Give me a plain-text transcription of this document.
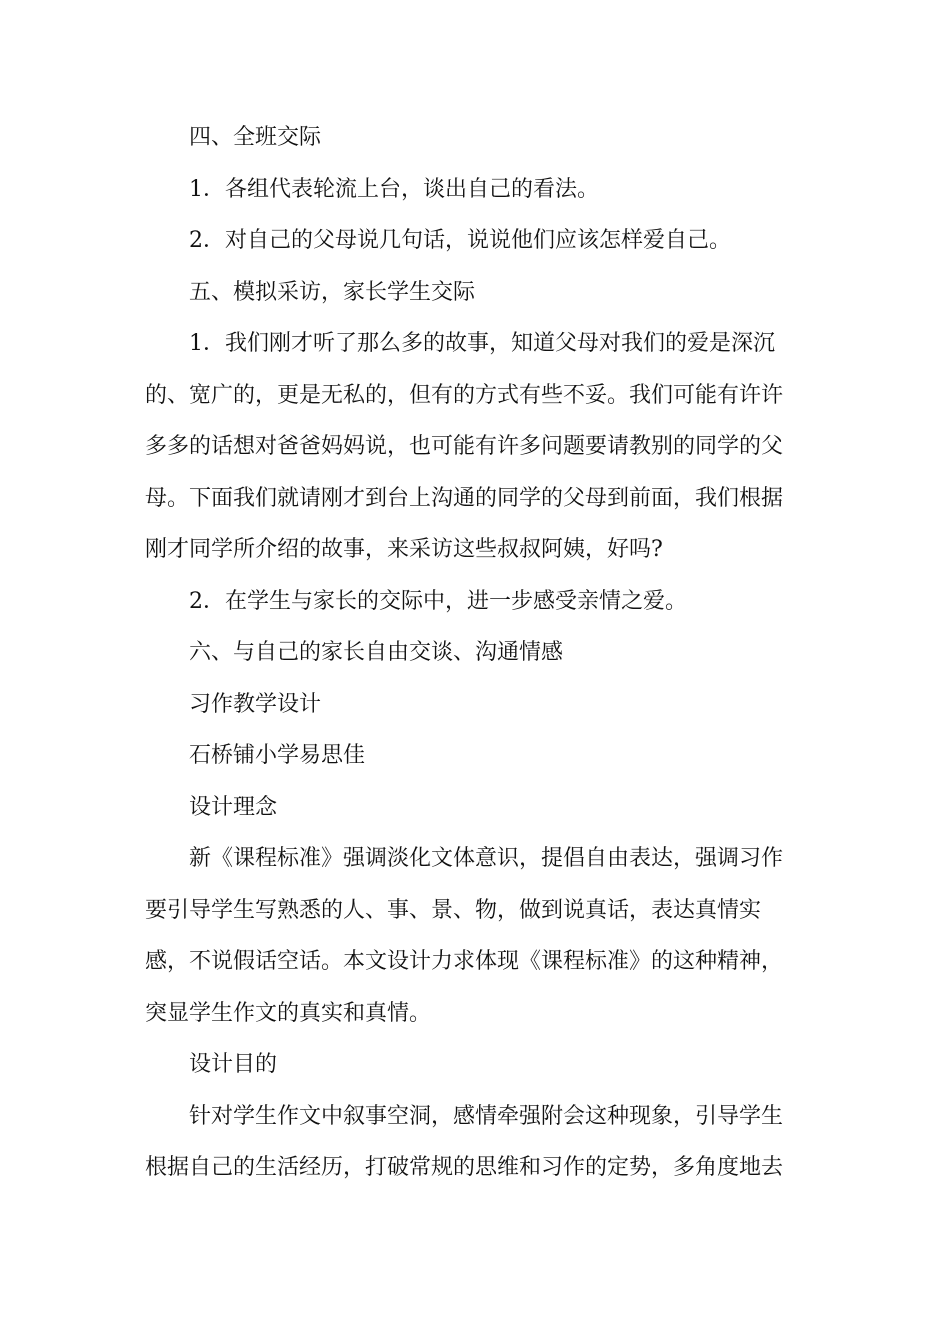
四、全班交际

1．各组代表轮流上台，谈出自己的看法。

2．对自己的父母说几句话，说说他们应该怎样爱自己。

五、模拟采访，家长学生交际

1．我们刚才听了那么多的故事，知道父母对我们的爱是深沉
的、宽广的，更是无私的，但有的方式有些不妥。我们可能有许许
多多的话想对爸爸妈妈说，也可能有许多问题要请教别的同学的父
母。下面我们就请刚才到台上沟通的同学的父母到前面，我们根据
刚才同学所介绍的故事，来采访这些叔叔阿姨，好吗?

2．在学生与家长的交际中，进一步感受亲情之爱。

六、与自己的家长自由交谈、沟通情感

习作教学设计

石桥铺小学易思佳

设计理念

新《课程标准》强调淡化文体意识，提倡自由表达，强调习作
要引导学生写熟悉的人、事、景、物，做到说真话，表达真情实
感，不说假话空话。本文设计力求体现《课程标准》的这种精神，
突显学生作文的真实和真情。

设计目的

针对学生作文中叙事空洞，感情牵强附会这种现象，引导学生
根据自己的生活经历，打破常规的思维和习作的定势，多角度地去
